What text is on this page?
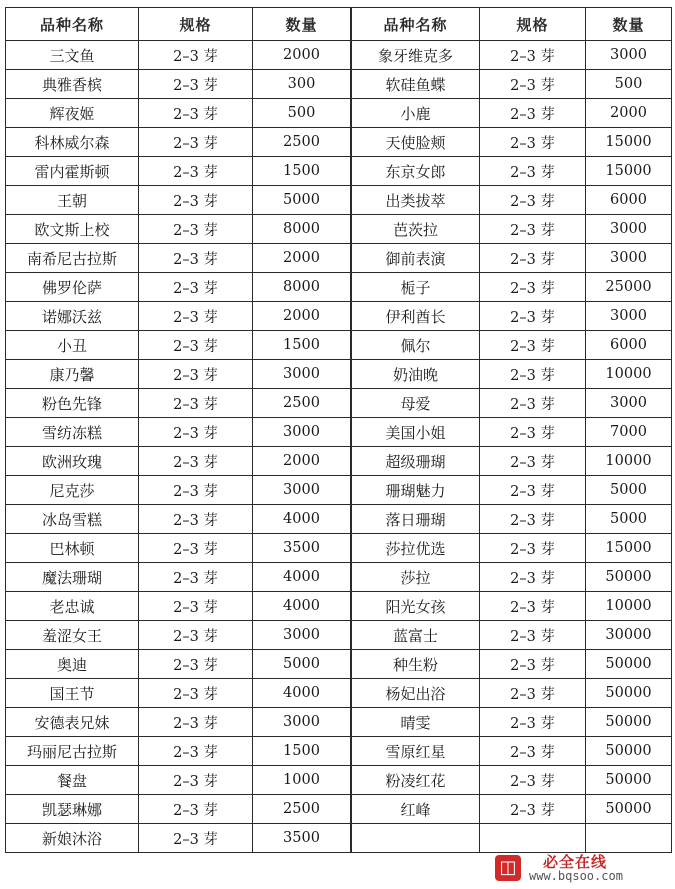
品种名称	规格	数量
三文鱼	2–3 芽	2000
典雅香槟	2–3 芽	300
辉夜姬	2–3 芽	500
科林威尔森	2–3 芽	2500
雷内霍斯顿	2–3 芽	1500
王朝	2–3 芽	5000
欧文斯上校	2–3 芽	8000
南希尼古拉斯	2–3 芽	2000
佛罗伦萨	2–3 芽	8000
诺娜沃兹	2–3 芽	2000
小丑	2–3 芽	1500
康乃馨	2–3 芽	3000
粉色先锋	2–3 芽	2500
雪纺冻糕	2–3 芽	3000
欧洲玫瑰	2–3 芽	2000
尼克莎	2–3 芽	3000
冰岛雪糕	2–3 芽	4000
巴林顿	2–3 芽	3500
魔法珊瑚	2–3 芽	4000
老忠诚	2–3 芽	4000
羞涩女王	2–3 芽	3000
奥迪	2–3 芽	5000
国王节	2–3 芽	4000
安德表兄妹	2–3 芽	3000
玛丽尼古拉斯	2–3 芽	1500
餐盘	2–3 芽	1000
凯瑟琳娜	2–3 芽	2500
新娘沐浴	2–3 芽	3500
品种名称	规格	数量
象牙维克多	2–3 芽	3000
软硅鱼蝶	2–3 芽	500
小鹿	2–3 芽	2000
天使脸颊	2–3 芽	15000
东京女郎	2–3 芽	15000
出类拔萃	2–3 芽	6000
芭茨拉	2–3 芽	3000
御前表演	2–3 芽	3000
栀子	2–3 芽	25000
伊利酋长	2–3 芽	3000
佩尔	2–3 芽	6000
奶油晚	2–3 芽	10000
母爱	2–3 芽	3000
美国小姐	2–3 芽	7000
超级珊瑚	2–3 芽	10000
珊瑚魅力	2–3 芽	5000
落日珊瑚	2–3 芽	5000
莎拉优选	2–3 芽	15000
莎拉	2–3 芽	50000
阳光女孩	2–3 芽	10000
蓝富士	2–3 芽	30000
种生粉	2–3 芽	50000
杨妃出浴	2–3 芽	50000
晴雯	2–3 芽	50000
雪原红星	2–3 芽	50000
粉凌红花	2–3 芽	50000
红峰	2–3 芽	50000

◫	必全在线
www.bqsoo.com
